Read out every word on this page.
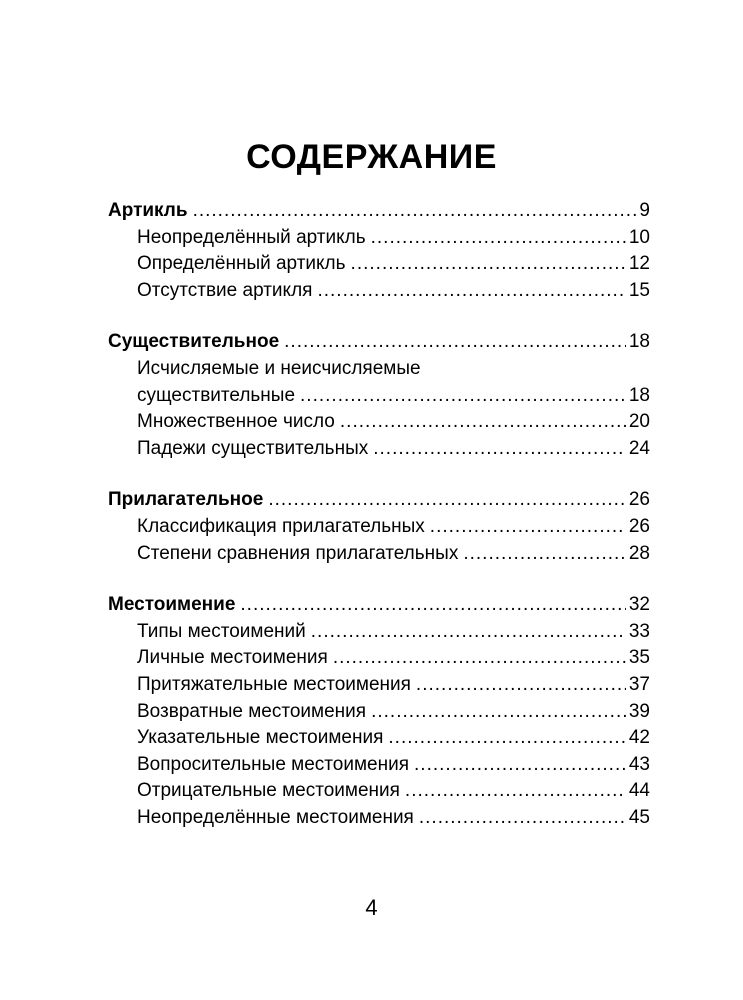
СОДЕРЖАНИЕ
Артикль .....	9
Неопределённый артикль .....	10
Определённый артикль .....	12
Отсутствие артикля .....	15
Существительное .....	18
Исчисляемые и неисчисляемые
существительные .....	18
Множественное число .....	20
Падежи существительных .....	24
Прилагательное .....	26
Классификация прилагательных .....	26
Степени сравнения прилагательных .....	28
Местоимение .....	32
Типы местоимений .....	33
Личные местоимения .....	35
Притяжательные местоимения .....	37
Возвратные местоимения .....	39
Указательные местоимения .....	42
Вопросительные местоимения .....	43
Отрицательные местоимения .....	44
Неопределённые местоимения .....	45
4
